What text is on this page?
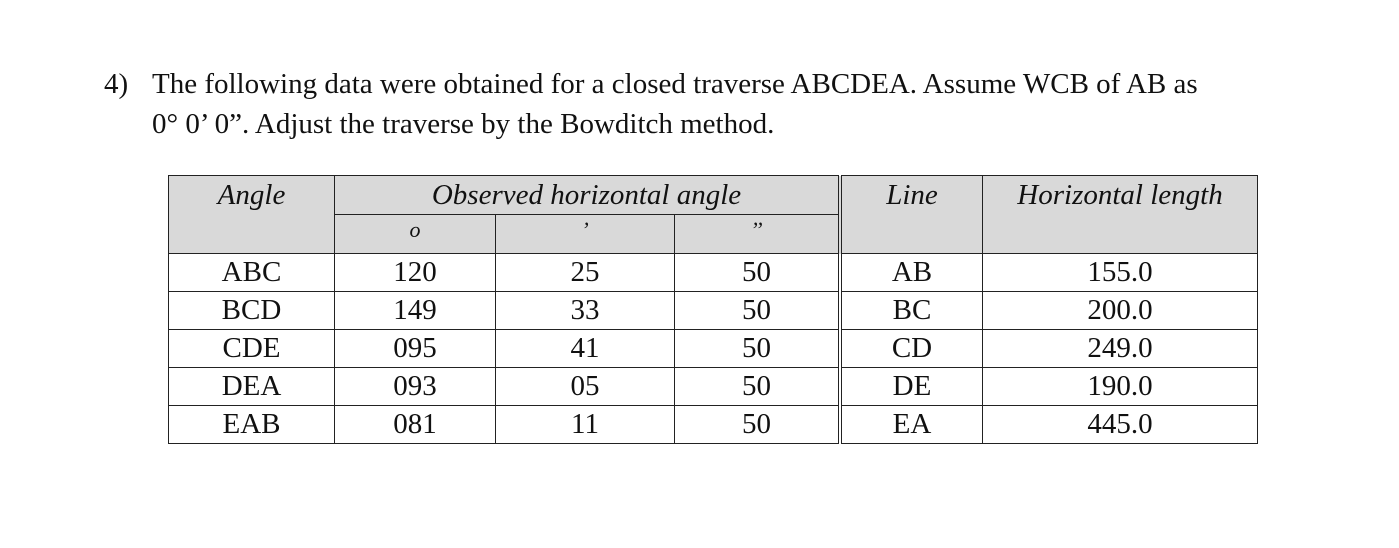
4) The following data were obtained for a closed traverse ABCDEA. Assume WCB of AB as
0° 0’ 0”. Adjust the traverse by the Bowditch method.
Angle	Observed horizontal angle			Line	Horizontal length
	o	’	’’		
ABC	120	25	50	AB	155.0
BCD	149	33	50	BC	200.0
CDE	095	41	50	CD	249.0
DEA	093	05	50	DE	190.0
EAB	081	11	50	EA	445.0
